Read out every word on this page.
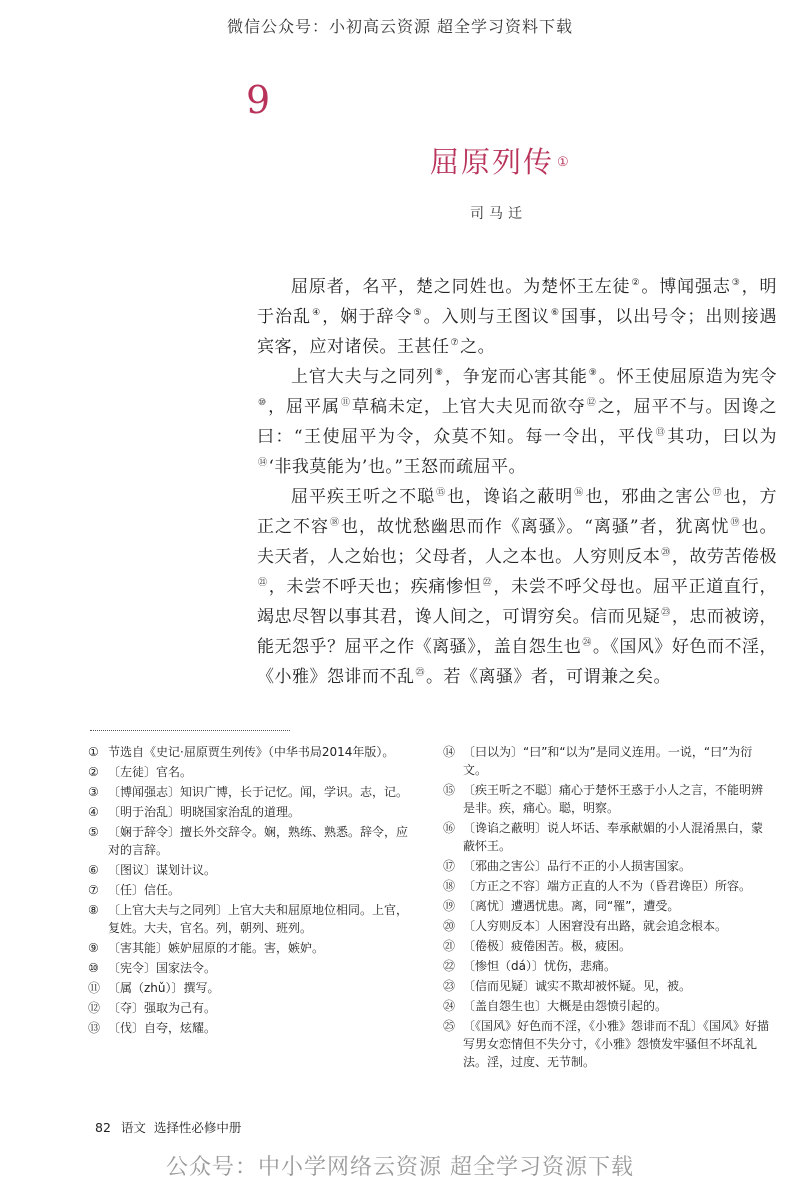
微信公众号：小初高云资源 超全学习资料下载
9
屈原列传 ①
司马迁

屈原者，名平，楚之同姓也。为楚怀王左徒②。博闻强志③，明于治乱④，娴于辞令⑤。入则与王图议⑥国事，以出号令；出则接遇宾客，应对诸侯。王甚任⑦之。

上官大夫与之同列⑧，争宠而心害其能⑨。怀王使屈原造为宪令⑩，屈平属⑪草稿未定，上官大夫见而欲夺⑫之，屈平不与。因谗之曰：“王使屈平为令，众莫不知。每一令出，平伐⑬其功，曰以为⑭‘非我莫能为’也。”王怒而疏屈平。

屈平疾王听之不聪⑮也，谗谄之蔽明⑯也，邪曲之害公⑰也，方正之不容⑱也，故忧愁幽思而作《离骚》。“离骚”者，犹离忧⑲也。夫天者，人之始也；父母者，人之本也。人穷则反本⑳，故劳苦倦极$^㉑$，未尝不呼天也；疾痛惨怛$^㉒$，未尝不呼父母也。屈平正道直行，竭忠尽智以事其君，谗人间之，可谓穷矣。信而见疑$^㉓$，忠而被谤，能无怨乎？屈平之作《离骚》，盖自怨生也$^㉔$。《国风》好色而不淫，《小雅》怨诽而不乱$^㉕$。若《离骚》者，可谓兼之矣。

① 节选自《史记·屈原贾生列传》（中华书局2014年版）。
② 〔左徒〕官名。
③ 〔博闻强志〕知识广博，长于记忆。闻，学识。志，记。
④ 〔明于治乱〕明晓国家治乱的道理。
⑤ 〔娴于辞令〕擅长外交辞令。娴，熟练、熟悉。辞令，应对的言辞。
⑥ 〔图议〕谋划计议。
⑦ 〔任〕信任。
⑧ 〔上官大夫与之同列〕上官大夫和屈原地位相同。上官，复姓。大夫，官名。列，朝列、班列。
⑨ 〔害其能〕嫉妒屈原的才能。害，嫉妒。
⑩ 〔宪令〕国家法令。
⑪ 〔属（zhǔ）〕撰写。
⑫ 〔夺〕强取为己有。
⑬ 〔伐〕自夸，炫耀。
⑭ 〔曰以为〕“曰”和“以为”是同义连用。一说，“曰”为衍文。
⑮ 〔疾王听之不聪〕痛心于楚怀王惑于小人之言，不能明辨是非。疾，痛心。聪，明察。
⑯ 〔谗谄之蔽明〕说人坏话、奉承献媚的小人混淆黑白，蒙蔽怀王。
⑰ 〔邪曲之害公〕品行不正的小人损害国家。
⑱ 〔方正之不容〕端方正直的人不为（昏君谗臣）所容。
⑲ 〔离忧〕遭遇忧患。离，同“罹”，遭受。
⑳ 〔人穷则反本〕人困窘没有出路，就会追念根本。
㉑ 〔倦极〕疲倦困苦。极，疲困。
㉒ 〔惨怛（dá）〕忧伤，悲痛。
㉓ 〔信而见疑〕诚实不欺却被怀疑。见，被。
㉔ 〔盖自怨生也〕大概是由怨愤引起的。
㉕ 〔《国风》好色而不淫，《小雅》怨诽而不乱〕《国风》好描写男女恋情但不失分寸，《小雅》怨愤发牢骚但不坏乱礼法。淫，过度、无节制。
82 语文  选择性必修中册
公众号：中小学网络云资源 超全学习资源下载
